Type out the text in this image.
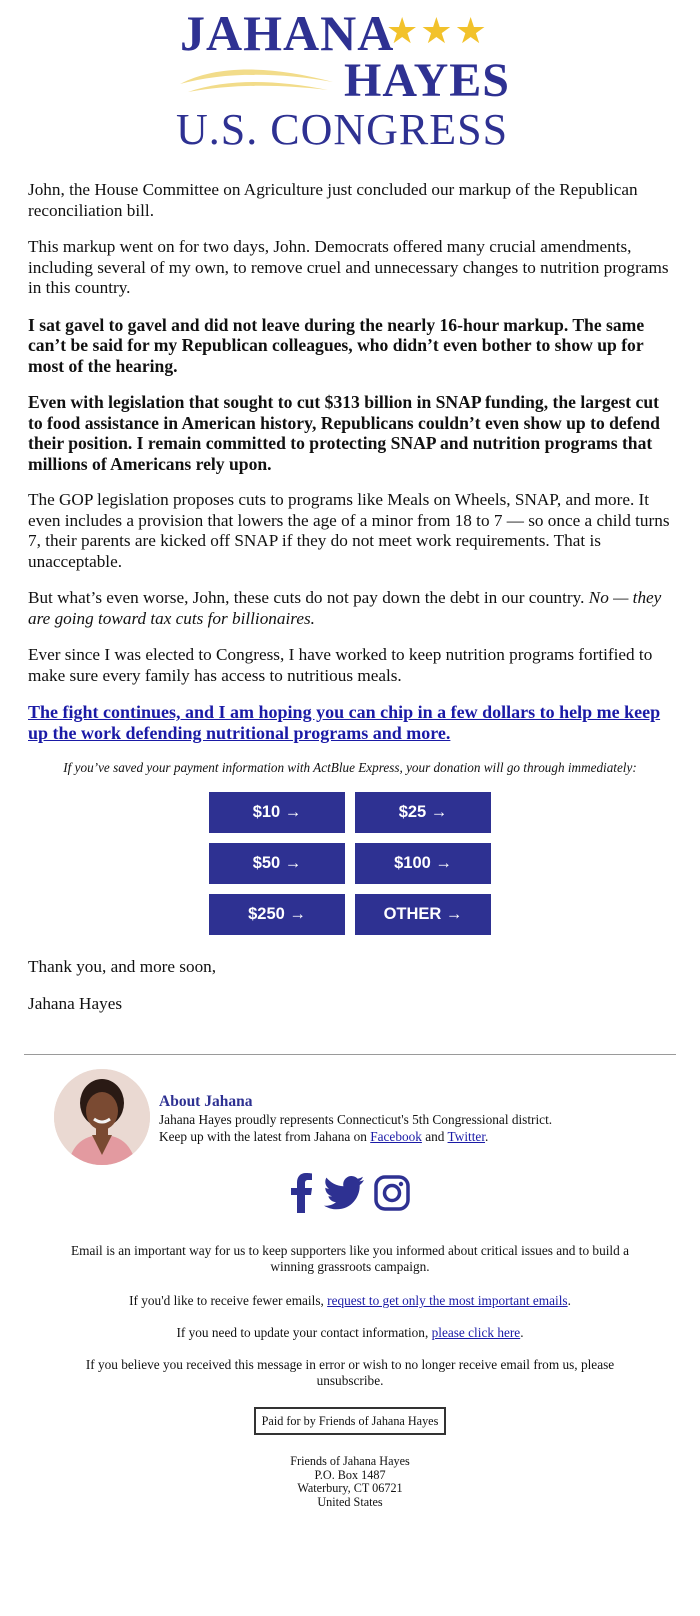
JAHANA
★★★
HAYES
U.S. CONGRESS

John, the House Committee on Agriculture just concluded our markup of the Republican reconciliation bill.

This markup went on for two days, John. Democrats offered many crucial amendments, including several of my own, to remove cruel and unnecessary changes to nutrition programs in this country.

I sat gavel to gavel and did not leave during the nearly 16-hour markup. The same can’t be said for my Republican colleagues, who didn’t even bother to show up for most of the hearing.

Even with legislation that sought to cut $313 billion in SNAP funding, the largest cut to food assistance in American history, Republicans couldn’t even show up to defend their position. I remain committed to protecting SNAP and nutrition programs that millions of Americans rely upon.

The GOP legislation proposes cuts to programs like Meals on Wheels, SNAP, and more. It even includes a provision that lowers the age of a minor from 18 to 7 — so once a child turns 7, their parents are kicked off SNAP if they do not meet work requirements. That is unacceptable.

But what’s even worse, John, these cuts do not pay down the debt in our country. No — they are going toward tax cuts for billionaires.

Ever since I was elected to Congress, I have worked to keep nutrition programs fortified to make sure every family has access to nutritious meals.

The fight continues, and I am hoping you can chip in a few dollars to help me keep up the work defending nutritional programs and more.

If you’ve saved your payment information with ActBlue Express, your donation will go through immediately:

$10 →	$25 →
$50 →	$100 →
$250 →	OTHER →

Thank you, and more soon,

Jahana Hayes

About Jahana
Jahana Hayes proudly represents Connecticut's 5th Congressional district.
Keep up with the latest from Jahana on Facebook and Twitter.

Email is an important way for us to keep supporters like you informed about critical issues and to build a winning grassroots campaign.

If you'd like to receive fewer emails, request to get only the most important emails.

If you need to update your contact information, please click here.

If you believe you received this message in error or wish to no longer receive email from us, please unsubscribe.

Paid for by Friends of Jahana Hayes

Friends of Jahana Hayes
P.O. Box 1487
Waterbury, CT 06721
United States
